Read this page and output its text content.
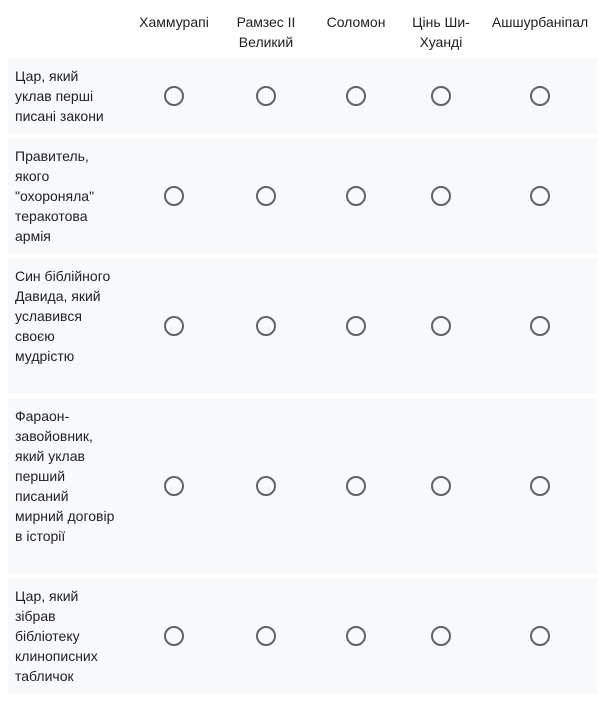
Хаммурапі Рамзес II
Великий
Соломон Цінь Ши-
Хуанді
Ашшурбаніпал
Цар, який уклав перші писані закони
Правитель, якого "охороняла" теракотова армія
Син біблійного Давида, який уславився своєю мудрістю
Фараон-завойовник, який уклав перший писаний мирний договір в історії
Цар, який зібрав бібліотеку клинописних табличок
